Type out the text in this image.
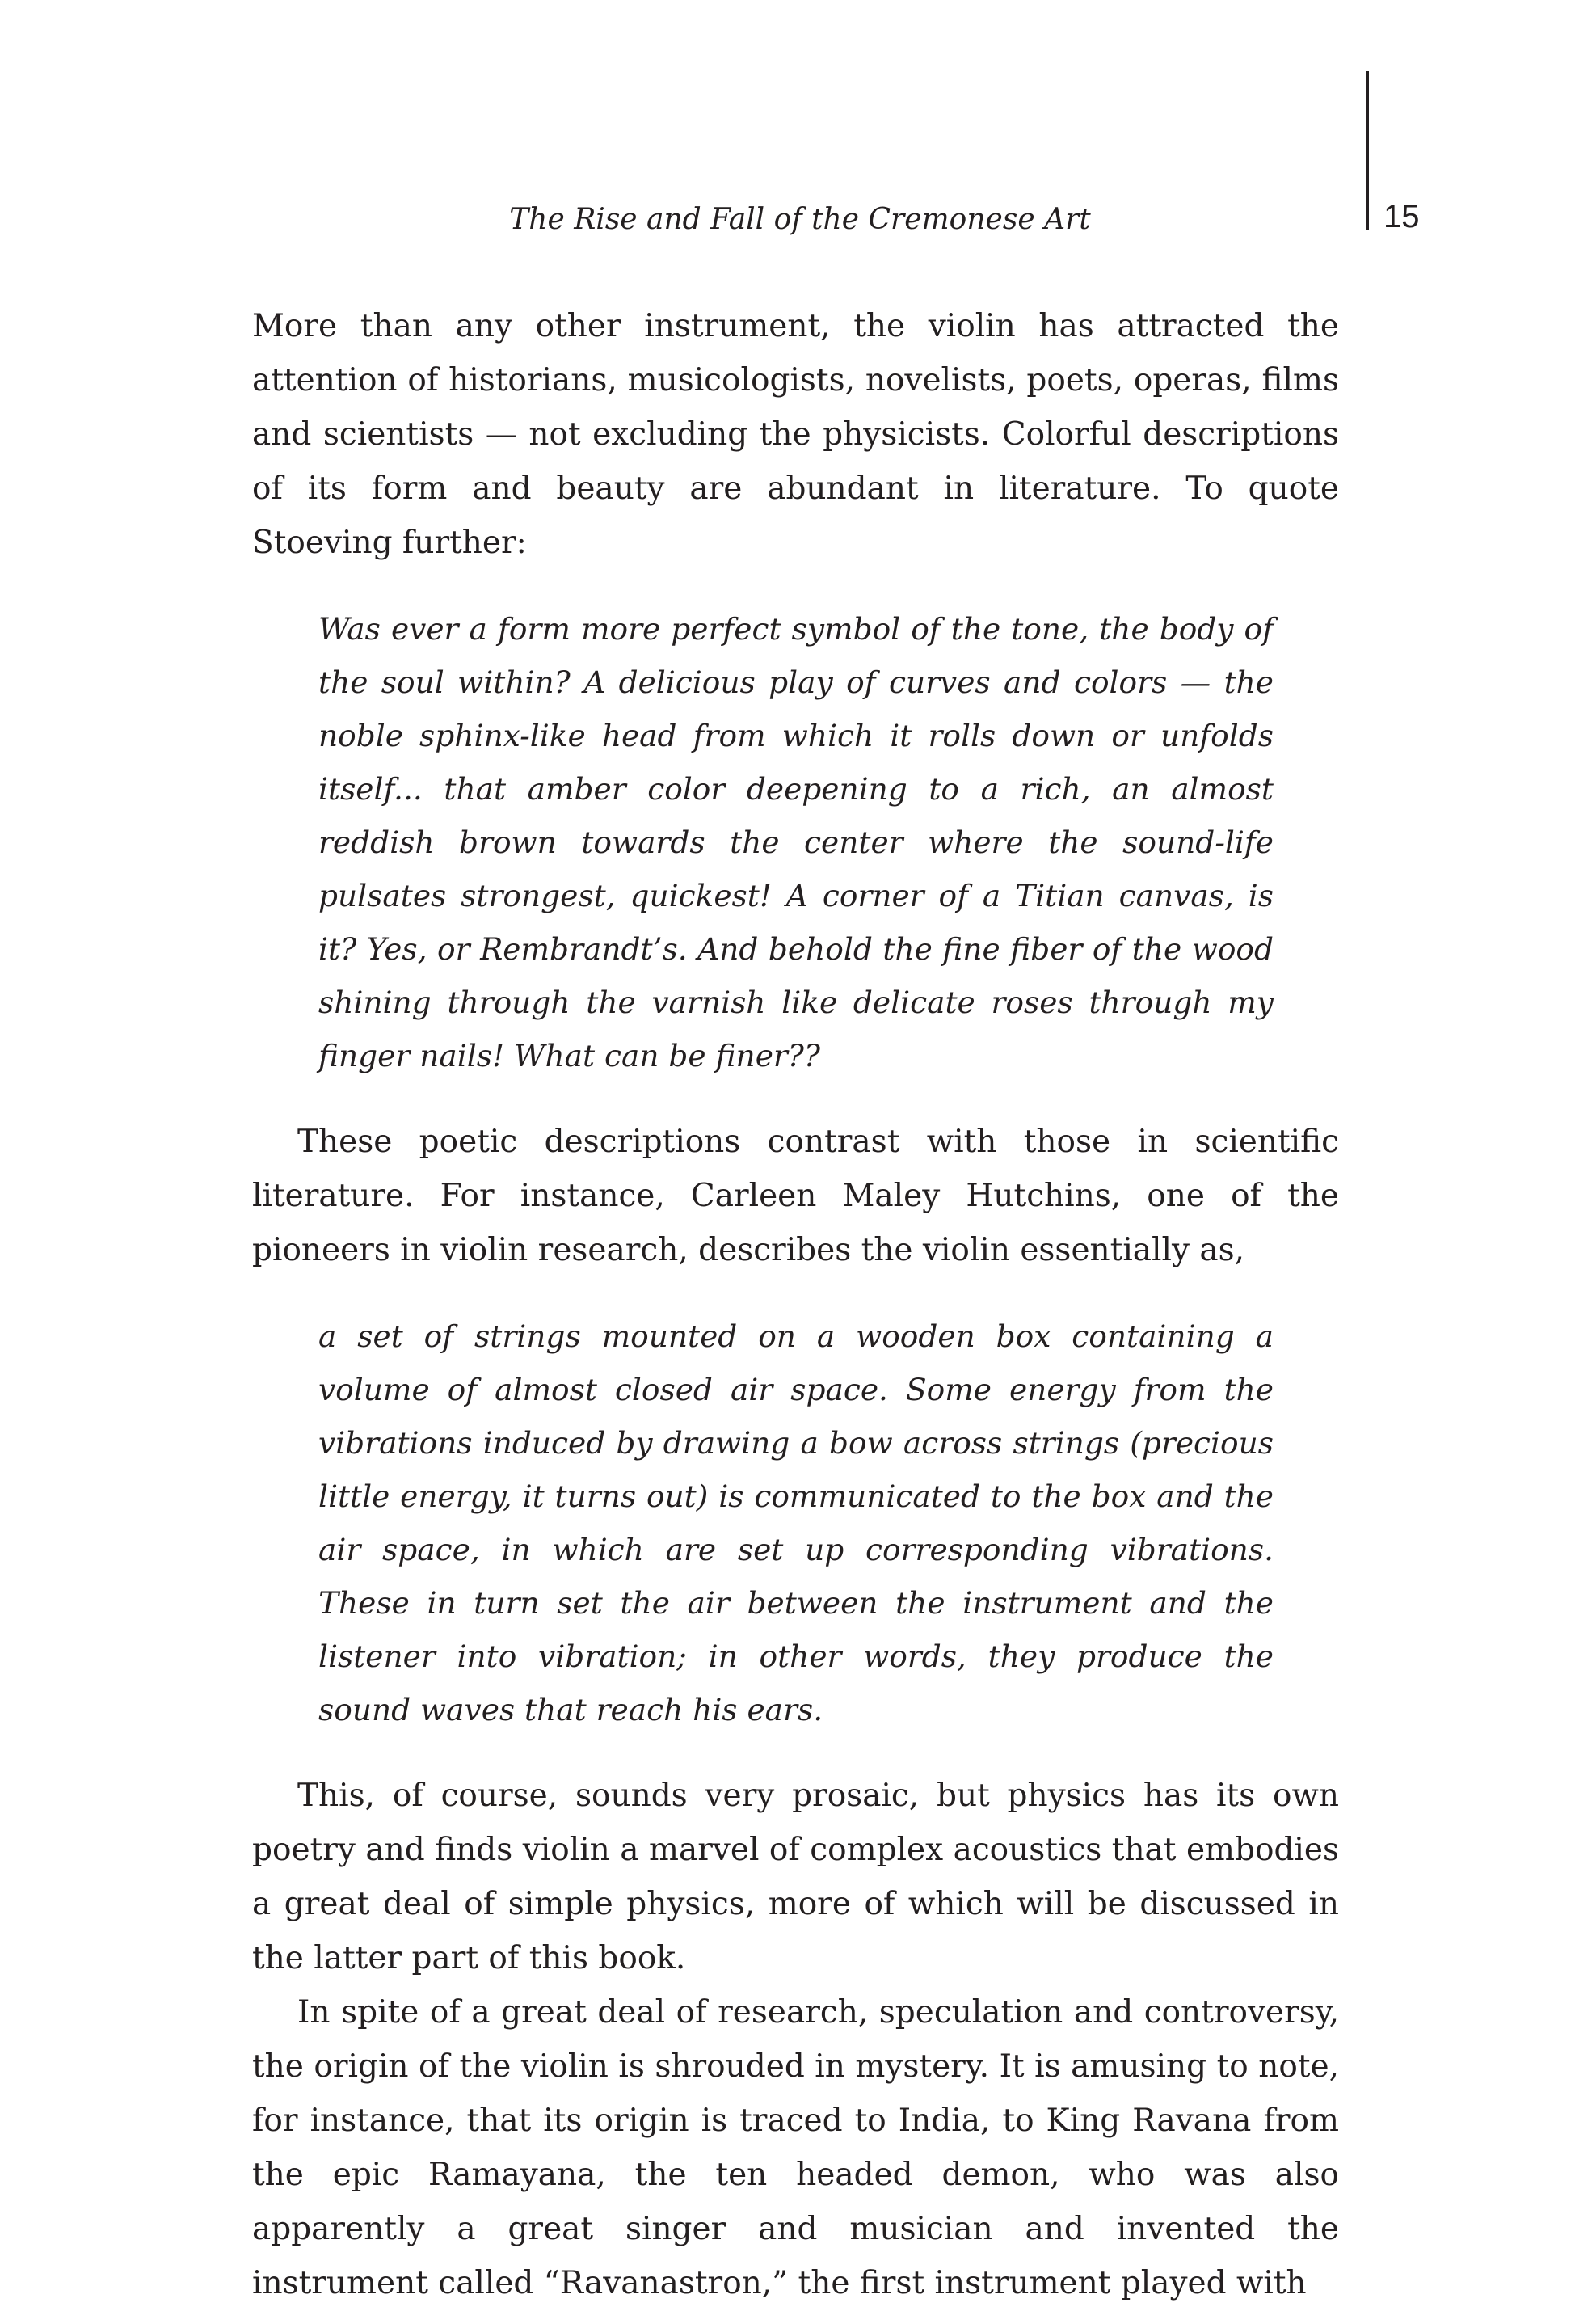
The Rise and Fall of the Cremonese Art	15

More than any other instrument, the violin has attracted the attention of historians, musicologists, novelists, poets, operas, films and scientists — not excluding the physicists. Colorful descriptions of its form and beauty are abundant in literature. To quote Stoeving further:

Was ever a form more perfect symbol of the tone, the body of the soul within? A delicious play of curves and colors — the noble sphinx-like head from which it rolls down or unfolds itself... that amber color deepening to a rich, an almost reddish brown towards the center where the sound-life pulsates strongest, quickest! A corner of a Titian canvas, is it? Yes, or Rembrandt’s. And behold the fine fiber of the wood shining through the varnish like delicate roses through my finger nails! What can be finer??

These poetic descriptions contrast with those in scientific literature. For instance, Carleen Maley Hutchins, one of the pioneers in violin research, describes the violin essentially as,

a set of strings mounted on a wooden box containing a volume of almost closed air space. Some energy from the vibrations induced by drawing a bow across strings (precious little energy, it turns out) is communicated to the box and the air space, in which are set up corresponding vibrations. These in turn set the air between the instrument and the listener into vibration; in other words, they produce the sound waves that reach his ears.

This, of course, sounds very prosaic, but physics has its own poetry and finds violin a marvel of complex acoustics that embodies a great deal of simple physics, more of which will be discussed in the latter part of this book.

In spite of a great deal of research, speculation and controversy, the origin of the violin is shrouded in mystery. It is amusing to note, for instance, that its origin is traced to India, to King Ravana from the epic Ramayana, the ten headed demon, who was also apparently a great singer and musician and invented the instrument called “Ravanastron,” the first instrument played with
